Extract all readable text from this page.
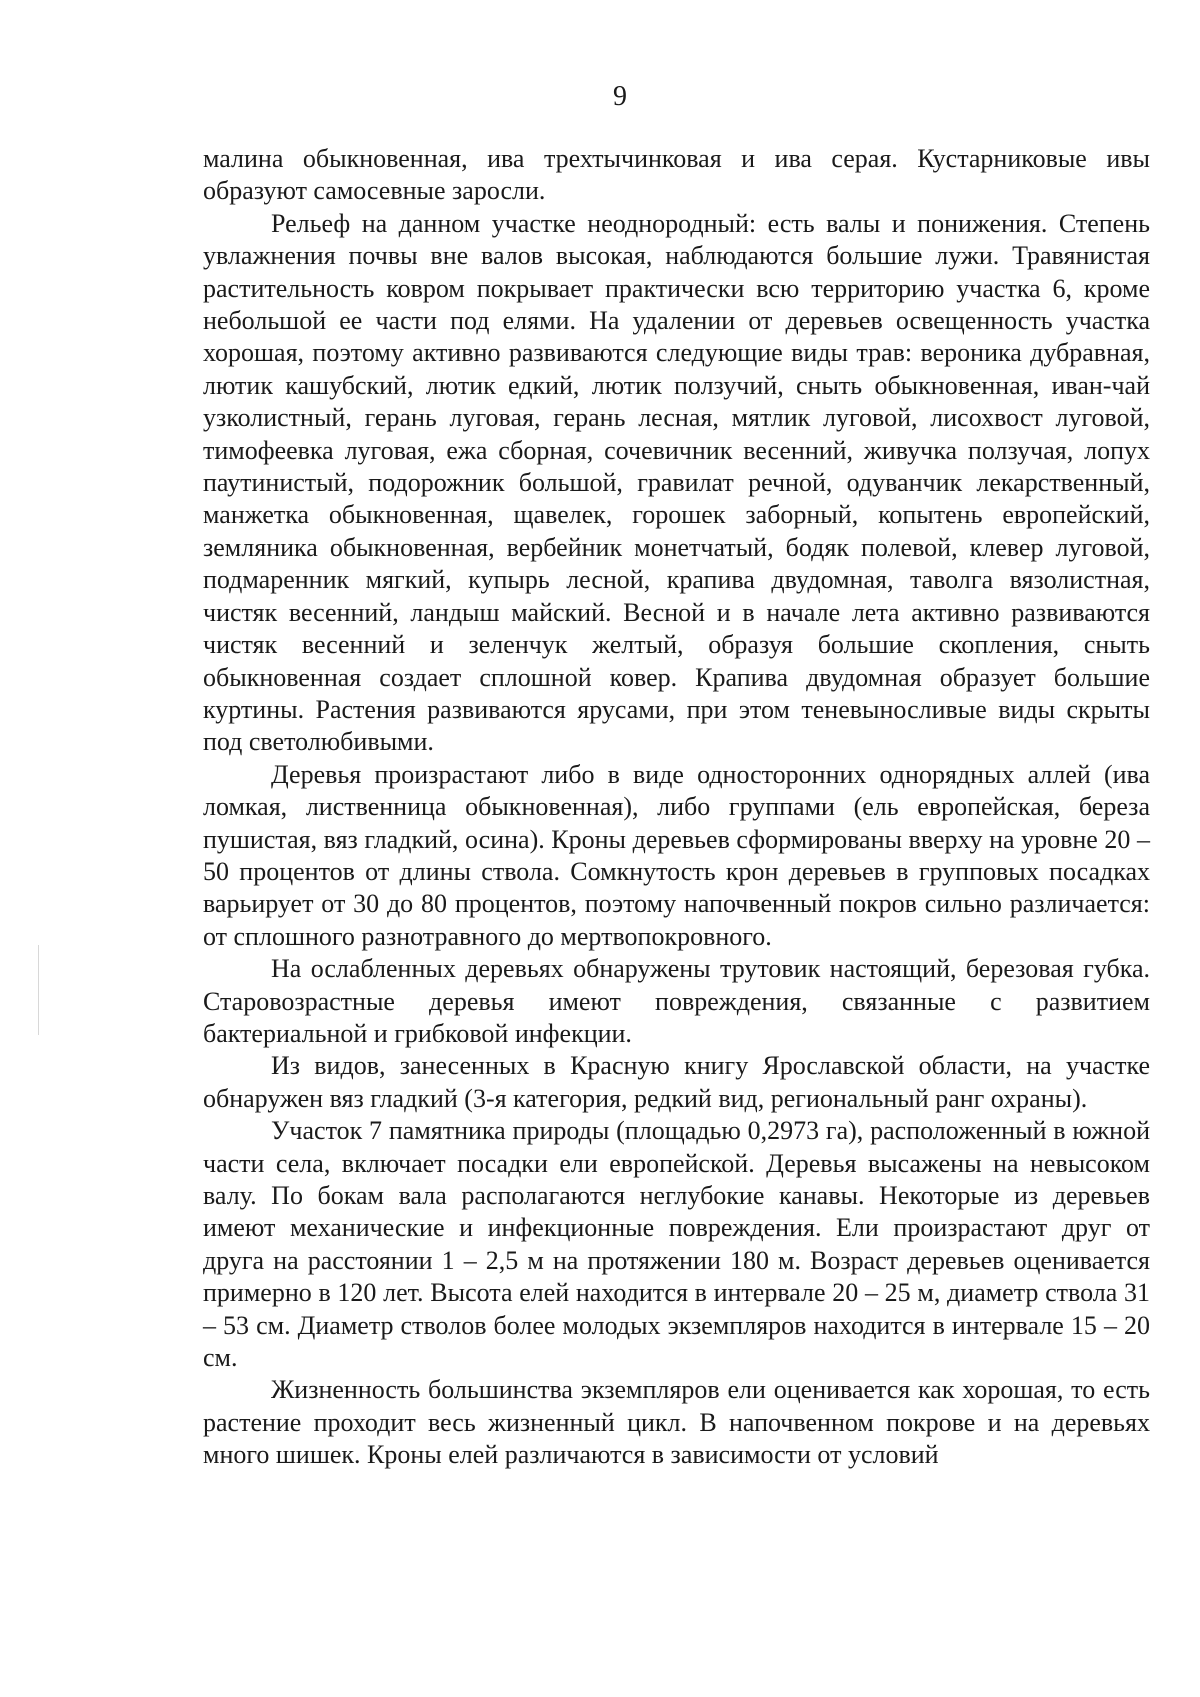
9

малина обыкновенная, ива трехтычинковая и ива серая. Кустарниковые ивы образуют самосевные заросли.

Рельеф на данном участке неоднородный: есть валы и понижения. Степень увлажнения почвы вне валов высокая, наблюдаются большие лужи. Травянистая растительность ковром покрывает практически всю территорию участка 6, кроме небольшой ее части под елями. На удалении от деревьев освещенность участка хорошая, поэтому активно развиваются следующие виды трав: вероника дубравная, лютик кашубский, лютик едкий, лютик ползучий, сныть обыкновенная, иван-чай узколистный, герань луговая, герань лесная, мятлик луговой, лисохвост луговой, тимофеевка луговая, ежа сборная, сочевичник весенний, живучка ползучая, лопух паутинистый, подорожник большой, гравилат речной, одуванчик лекарственный, манжетка обыкновенная, щавелек, горошек заборный, копытень европейский, земляника обыкновенная, вербейник монетчатый, бодяк полевой, клевер луговой, подмаренник мягкий, купырь лесной, крапива двудомная, таволга вязолистная, чистяк весенний, ландыш майский. Весной и в начале лета активно развиваются чистяк весенний и зеленчук желтый, образуя большие скопления, сныть обыкновенная создает сплошной ковер. Крапива двудомная образует большие куртины. Растения развиваются ярусами, при этом теневыносливые виды скрыты под светолюбивыми.

Деревья произрастают либо в виде односторонних однорядных аллей (ива ломкая, лиственница обыкновенная), либо группами (ель европейская, береза пушистая, вяз гладкий, осина). Кроны деревьев сформированы вверху на уровне 20 – 50 процентов от длины ствола. Сомкнутость крон деревьев в групповых посадках варьирует от 30 до 80 процентов, поэтому напочвенный покров сильно различается: от сплошного разнотравного до мертвопокровного.

На ослабленных деревьях обнаружены трутовик настоящий, березовая губка. Старовозрастные деревья имеют повреждения, связанные с развитием бактериальной и грибковой инфекции.

Из видов, занесенных в Красную книгу Ярославской области, на участке обнаружен вяз гладкий (3-я категория, редкий вид, региональный ранг охраны).

Участок 7 памятника природы (площадью 0,2973 га), расположенный в южной части села, включает посадки ели европейской. Деревья высажены на невысоком валу. По бокам вала располагаются неглубокие канавы. Некоторые из деревьев имеют механические и инфекционные повреждения. Ели произрастают друг от друга на расстоянии 1 – 2,5 м на протяжении 180 м. Возраст деревьев оценивается примерно в 120 лет. Высота елей находится в интервале 20 – 25 м, диаметр ствола 31 – 53 см. Диаметр стволов более молодых экземпляров находится в интервале 15 – 20 см.

Жизненность большинства экземпляров ели оценивается как хорошая, то есть растение проходит весь жизненный цикл. В напочвенном покрове и на деревьях много шишек. Кроны елей различаются в зависимости от условий
